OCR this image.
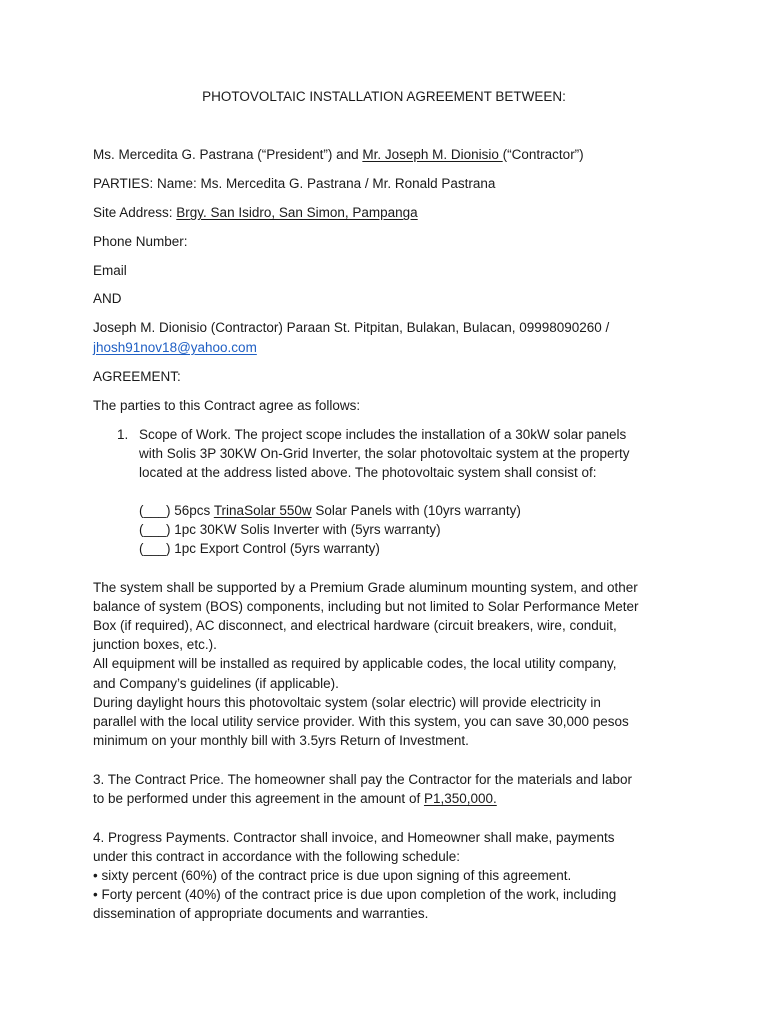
PHOTOVOLTAIC INSTALLATION AGREEMENT BETWEEN:
Ms. Mercedita G. Pastrana (“President”) and Mr. Joseph M. Dionisio (“Contractor”)
PARTIES: Name: Ms. Mercedita G. Pastrana / Mr. Ronald Pastrana
Site Address: Brgy. San Isidro, San Simon, Pampanga
Phone Number:
Email
AND
Joseph M. Dionisio (Contractor) Paraan St. Pitpitan, Bulakan, Bulacan, 09998090260 /
jhosh91nov18@yahoo.com
AGREEMENT:
The parties to this Contract agree as follows:
1. Scope of Work. The project scope includes the installation of a 30kW solar panels
with Solis 3P 30KW On-Grid Inverter, the solar photovoltaic system at the property
located at the address listed above. The photovoltaic system shall consist of:
(___) 56pcs TrinaSolar 550w Solar Panels with (10yrs warranty)
(___) 1pc 30KW Solis Inverter with (5yrs warranty)
(___) 1pc Export Control (5yrs warranty)
The system shall be supported by a Premium Grade aluminum mounting system, and other
balance of system (BOS) components, including but not limited to Solar Performance Meter
Box (if required), AC disconnect, and electrical hardware (circuit breakers, wire, conduit,
junction boxes, etc.).
All equipment will be installed as required by applicable codes, the local utility company,
and Company’s guidelines (if applicable).
During daylight hours this photovoltaic system (solar electric) will provide electricity in
parallel with the local utility service provider. With this system, you can save 30,000 pesos
minimum on your monthly bill with 3.5yrs Return of Investment.
3. The Contract Price. The homeowner shall pay the Contractor for the materials and labor
to be performed under this agreement in the amount of P1,350,000.
4. Progress Payments. Contractor shall invoice, and Homeowner shall make, payments
under this contract in accordance with the following schedule:
• sixty percent (60%) of the contract price is due upon signing of this agreement.
• Forty percent (40%) of the contract price is due upon completion of the work, including
dissemination of appropriate documents and warranties.
